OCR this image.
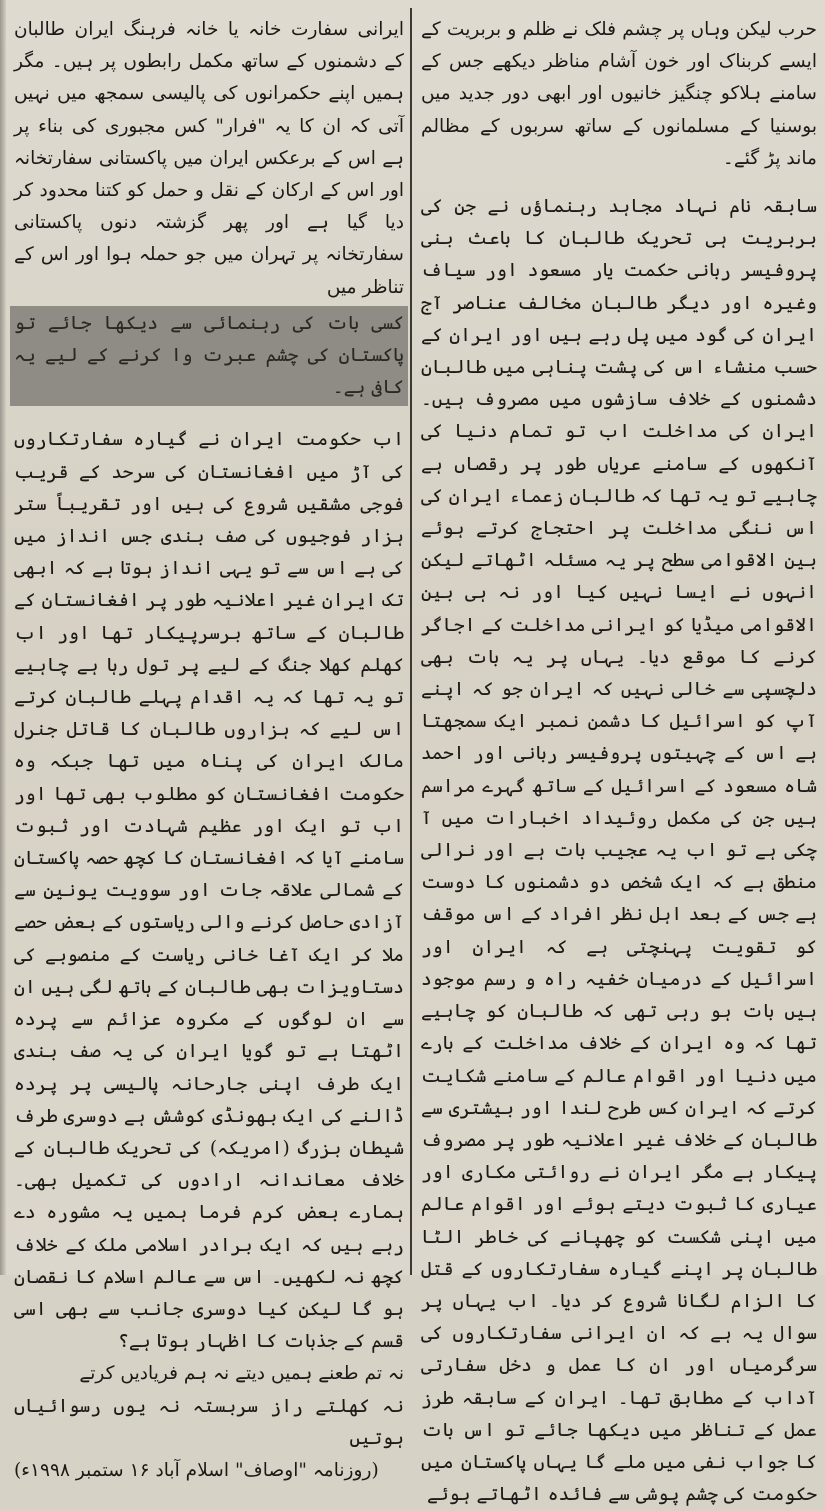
حرب لیکن وہاں پر چشم فلک نے ظلم و بربریت کے ایسے کربناک اور خون آشام مناظر دیکھے جس کے سامنے ہلاکو چنگیز خانیوں اور ابھی دور جدید میں بوسنیا کے مسلمانوں کے ساتھ سربوں کے مظالم ماند پڑ گئے۔

سابقہ نام نہاد مجاہد رہنماؤں نے جن کی بربریت ہی تحریک طالبان کا باعث بنی پروفیسر ربانی حکمت یار مسعود اور سیاف وغیرہ اور دیگر طالبان مخالف عناصر آج ایران کی گود میں پل رہے ہیں اور ایران کے حسب منشاء اس کی پشت پناہی میں طالبان دشمنوں کے خلاف سازشوں میں مصروف ہیں۔ ایران کی مداخلت اب تو تمام دنیا کی آنکھوں کے سامنے عریاں طور پر رقصاں ہے چاہیے تو یہ تھا کہ طالبان زعماء ایران کی اس ننگی مداخلت پر احتجاج کرتے ہوئے بین الاقوامی سطح پر یہ مسئلہ اٹھاتے لیکن انہوں نے ایسا نہیں کیا اور نہ ہی بین الاقوامی میڈیا کو ایرانی مداخلت کے اجاگر کرنے کا موقع دیا۔ یہاں پر یہ بات بھی دلچسپی سے خالی نہیں کہ ایران جو کہ اپنے آپ کو اسرائیل کا دشمن نمبر ایک سمجھتا ہے اس کے چہیتوں پروفیسر ربانی اور احمد شاہ مسعود کے اسرائیل کے ساتھ گہرے مراسم ہیں جن کی مکمل روئیداد اخبارات میں آ چکی ہے تو اب یہ عجیب بات ہے اور نرالی منطق ہے کہ ایک شخص دو دشمنوں کا دوست ہے جس کے بعد اہل نظر افراد کے اس موقف کو تقویت پہنچتی ہے کہ ایران اور اسرائیل کے درمیان خفیہ راہ و رسم موجود ہیں بات ہو رہی تھی کہ طالبان کو چاہیے تھا کہ وہ ایران کے خلاف مداخلت کے بارے میں دنیا اور اقوام عالم کے سامنے شکایت کرتے کہ ایران کس طرح لندا اور بیشتری سے طالبان کے خلاف غیر اعلانیہ طور پر مصروف پیکار ہے مگر ایران نے روائتی مکاری اور عیاری کا ثبوت دیتے ہوئے اور اقوام عالم میں اپنی شکست کو چھپانے کی خاطر الٹا طالبان پر اپنے گیارہ سفارتکاروں کے قتل کا الزام لگانا شروع کر دیا۔ اب یہاں پر سوال یہ ہے کہ ان ایرانی سفارتکاروں کی سرگرمیاں اور ان کا عمل و دخل سفارتی آداب کے مطابق تھا۔ ایران کے سابقہ طرز عمل کے تناظر میں دیکھا جائے تو اس بات کا جواب نفی میں ملے گا یہاں پاکستان میں حکومت کی چشم پوشی سے فائدہ اٹھاتے ہوئے

ایرانی سفارت خانہ یا خانہ فرہنگ ایران طالبان کے دشمنوں کے ساتھ مکمل رابطوں پر ہیں۔ مگر ہمیں اپنے حکمرانوں کی پالیسی سمجھ میں نہیں آتی کہ ان کا یہ "فرار" کس مجبوری کی بناء پر ہے اس کے برعکس ایران میں پاکستانی سفارتخانہ اور اس کے ارکان کے نقل و حمل کو کتنا محدود کر دیا گیا ہے اور پھر گزشتہ دنوں پاکستانی سفارتخانہ پر تہران میں جو حملہ ہوا اور اس کے تناظر میں

کسی بات کی رہنمائی سے دیکھا جائے تو پاکستان کی چشم عبرت وا کرنے کے لیے یہ کافی ہے۔

اب حکومت ایران نے گیارہ سفارتکاروں کی آڑ میں افغانستان کی سرحد کے قریب فوجی مشقیں شروع کی ہیں اور تقریباً ستر ہزار فوجیوں کی صف بندی جس انداز میں کی ہے اس سے تو یہی انداز ہوتا ہے کہ ابھی تک ایران غیر اعلانیہ طور پر افغانستان کے طالبان کے ساتھ برسرپیکار تھا اور اب کھلم کھلا جنگ کے لیے پر تول رہا ہے چاہیے تو یہ تھا کہ یہ اقدام پہلے طالبان کرتے اس لیے کہ ہزاروں طالبان کا قاتل جنرل مالک ایران کی پناہ میں تھا جبکہ وہ حکومت افغانستان کو مطلوب بھی تھا اور اب تو ایک اور عظیم شہادت اور ثبوت سامنے آیا کہ افغانستان کا کچھ حصہ پاکستان کے شمالی علاقہ جات اور سوویت یونین سے آزادی حاصل کرنے والی ریاستوں کے بعض حصے ملا کر ایک آغا خانی ریاست کے منصوبے کی دستاویزات بھی طالبان کے ہاتھ لگی ہیں ان سے ان لوگوں کے مکروہ عزائم سے پردہ اٹھتا ہے تو گویا ایران کی یہ صف بندی ایک طرف اپنی جارحانہ پالیسی پر پردہ ڈالنے کی ایک بھونڈی کوشش ہے دوسری طرف شیطان بزرگ (امریکہ) کی تحریک طالبان کے خلاف معاندانہ ارادوں کی تکمیل بھی۔ ہمارے بعض کرم فرما ہمیں یہ مشورہ دے رہے ہیں کہ ایک برادر اسلامی ملک کے خلاف کچھ نہ لکھیں۔ اس سے عالم اسلام کا نقصان ہو گا لیکن کیا دوسری جانب سے بھی اسی قسم کے جذبات کا اظہار ہوتا ہے؟

نہ تم طعنے ہمیں دیتے نہ ہم فریادیں کرتے

نہ کھلتے راز سربستہ نہ یوں رسوائیاں ہوتیں

(روزنامہ "اوصاف" اسلام آباد ۱۶ ستمبر ۱۹۹۸ء)
